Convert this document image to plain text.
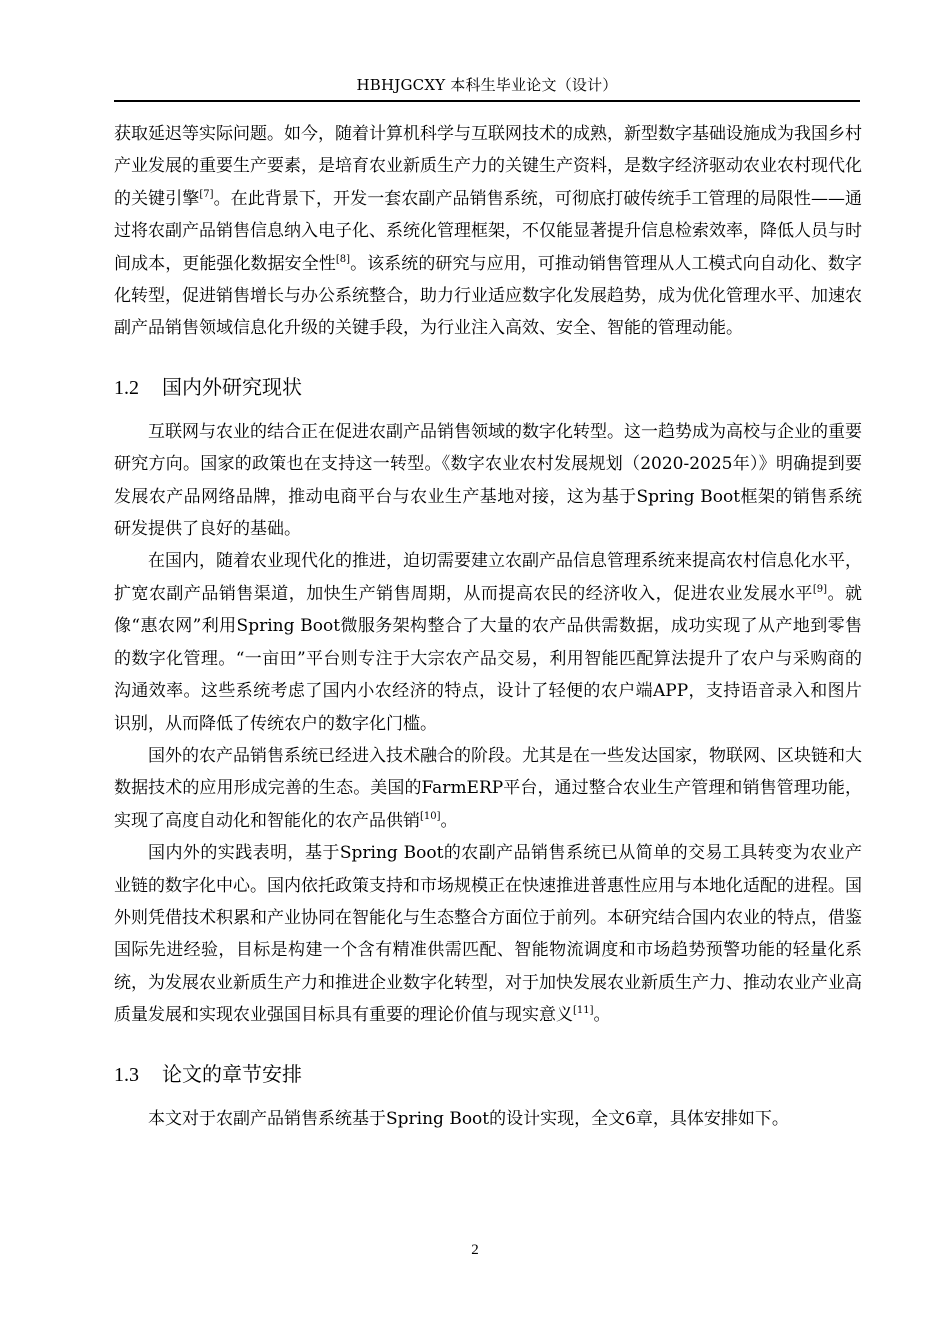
HBHJGCXY 本科生毕业论文（设计）

获取延迟等实际问题。如今，随着计算机科学与互联网技术的成熟，新型数字基础设施成为我国乡村产业发展的重要生产要素，是培育农业新质生产力的关键生产资料，是数字经济驱动农业农村现代化的关键引擎[7]。在此背景下，开发一套农副产品销售系统，可彻底打破传统手工管理的局限性——通过将农副产品销售信息纳入电子化、系统化管理框架，不仅能显著提升信息检索效率，降低人员与时间成本，更能强化数据安全性[8]。该系统的研究与应用，可推动销售管理从人工模式向自动化、数字化转型，促进销售增长与办公系统整合，助力行业适应数字化发展趋势，成为优化管理水平、加速农副产品销售领域信息化升级的关键手段，为行业注入高效、安全、智能的管理动能。

1.2 国内外研究现状

互联网与农业的结合正在促进农副产品销售领域的数字化转型。这一趋势成为高校与企业的重要研究方向。国家的政策也在支持这一转型。《数字农业农村发展规划（2020-2025年）》明确提到要发展农产品网络品牌，推动电商平台与农业生产基地对接，这为基于Spring Boot框架的销售系统研发提供了良好的基础。

在国内，随着农业现代化的推进，迫切需要建立农副产品信息管理系统来提高农村信息化水平，扩宽农副产品销售渠道，加快生产销售周期，从而提高农民的经济收入，促进农业发展水平[9]。就像“惠农网”利用Spring Boot微服务架构整合了大量的农产品供需数据，成功实现了从产地到零售的数字化管理。“一亩田”平台则专注于大宗农产品交易，利用智能匹配算法提升了农户与采购商的沟通效率。这些系统考虑了国内小农经济的特点，设计了轻便的农户端APP，支持语音录入和图片识别，从而降低了传统农户的数字化门槛。

国外的农产品销售系统已经进入技术融合的阶段。尤其是在一些发达国家，物联网、区块链和大数据技术的应用形成完善的生态。美国的FarmERP平台，通过整合农业生产管理和销售管理功能，实现了高度自动化和智能化的农产品供销[10]。

国内外的实践表明，基于Spring Boot的农副产品销售系统已从简单的交易工具转变为农业产业链的数字化中心。国内依托政策支持和市场规模正在快速推进普惠性应用与本地化适配的进程。国外则凭借技术积累和产业协同在智能化与生态整合方面位于前列。本研究结合国内农业的特点，借鉴国际先进经验，目标是构建一个含有精准供需匹配、智能物流调度和市场趋势预警功能的轻量化系统，为发展农业新质生产力和推进企业数字化转型，对于加快发展农业新质生产力、推动农业产业高质量发展和实现农业强国目标具有重要的理论价值与现实意义[11]。

1.3 论文的章节安排

本文对于农副产品销售系统基于Spring Boot的设计实现，全文6章，具体安排如下。

2
